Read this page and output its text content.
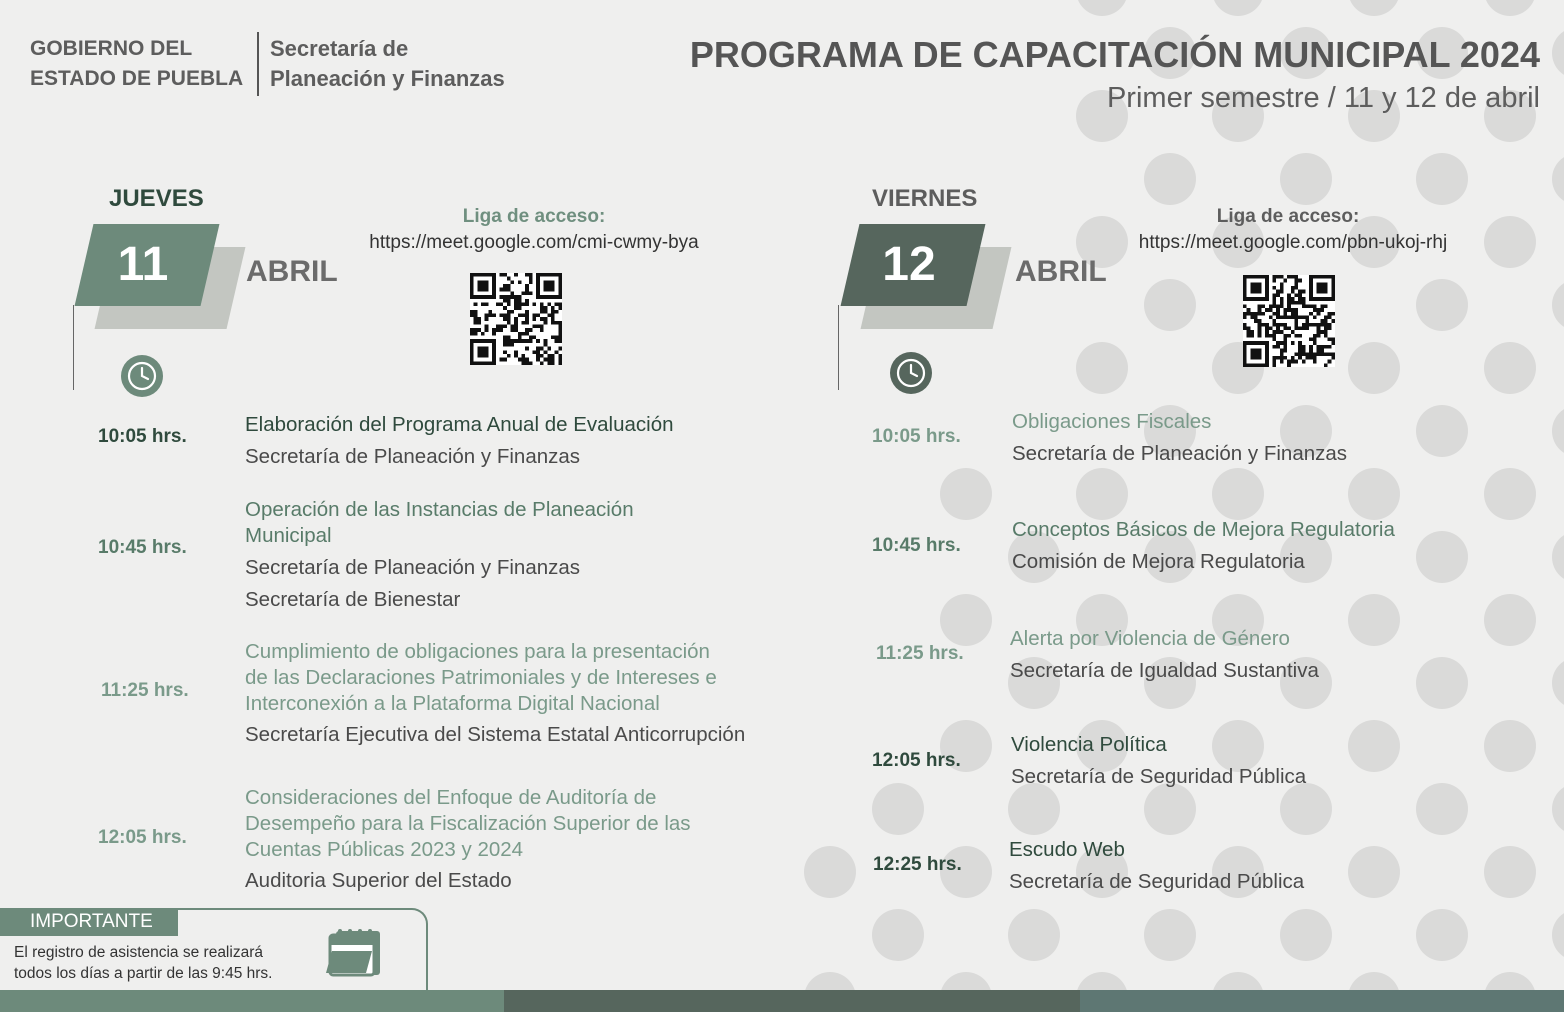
GOBIERNO DEL
ESTADO DE PUEBLA
Secretaría de
Planeación y Finanzas
PROGRAMA DE CAPACITACIÓN MUNICIPAL 2024
Primer semestre / 11 y 12 de abril
JUEVES
11	ABRIL
Liga de acceso:
https://meet.google.com/cmi-cwmy-bya
10:05 hrs.
Elaboración del Programa Anual de Evaluación
Secretaría de Planeación y Finanzas
10:45 hrs.
Operación de las Instancias de Planeación
Municipal
Secretaría de Planeación y Finanzas
Secretaría de Bienestar
11:25 hrs.
Cumplimiento de obligaciones para la presentación
de las Declaraciones Patrimoniales y de Intereses e
Interconexión a la Plataforma Digital Nacional
Secretaría Ejecutiva del Sistema Estatal Anticorrupción
12:05 hrs.
Consideraciones del Enfoque de Auditoría de
Desempeño para la Fiscalización Superior de las
Cuentas Públicas 2023 y 2024
Auditoria Superior del Estado
VIERNES
12	ABRIL
Liga de acceso:
https://meet.google.com/pbn-ukoj-rhj
10:05 hrs.
Obligaciones Fiscales
Secretaría de Planeación y Finanzas
10:45 hrs.
Conceptos Básicos de Mejora Regulatoria
Comisión de Mejora Regulatoria
11:25 hrs.
Alerta por Violencia de Género
Secretaría de Igualdad Sustantiva
12:05 hrs.
Violencia Política
Secretaría de Seguridad Pública
12:25 hrs.
Escudo Web
Secretaría de Seguridad Pública
IMPORTANTE
El registro de asistencia se realizará
todos los días a partir de las 9:45 hrs.
